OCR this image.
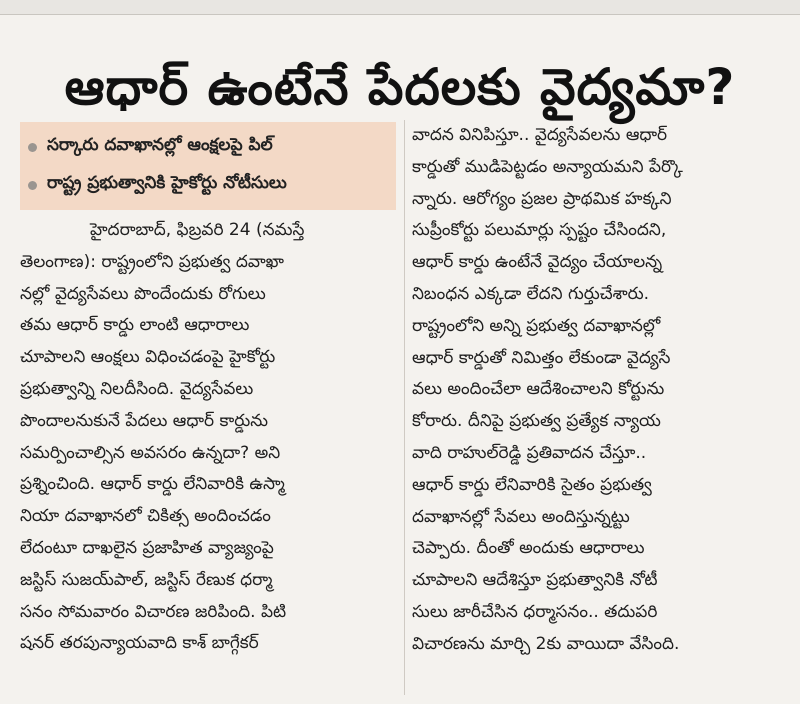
ఆధార్ ఉంటేనే పేదలకు వైద్యమా?
సర్కారు దవాఖానల్లో ఆంక్షలపై పిల్
రాష్ట్ర ప్రభుత్వానికి హైకోర్టు నోటీసులు
హైదరాబాద్, ఫిబ్రవరి 24 (నమస్తే
తెలంగాణ): రాష్ట్రంలోని ప్రభుత్వ దవాఖా
నల్లో వైద్యసేవలు పొందేందుకు రోగులు
తమ ఆధార్ కార్డు లాంటి ఆధారాలు
చూపాలని ఆంక్షలు విధించడంపై హైకోర్టు
ప్రభుత్వాన్ని నిలదీసింది. వైద్యసేవలు
పొందాలనుకునే పేదలు ఆధార్ కార్డును
సమర్పించాల్సిన అవసరం ఉన్నదా? అని
ప్రశ్నించింది. ఆధార్ కార్డు లేనివారికి ఉస్మా
నియా దవాఖానలో చికిత్స అందించడం
లేదంటూ దాఖలైన ప్రజాహిత వ్యాజ్యంపై
జస్టిస్ సుజయ్‌పాల్, జస్టిస్ రేణుక ధర్మా
సనం సోమవారం విచారణ జరిపింది. పిటి
షనర్ తరపున్యాయవాది కాశ్ బాగ్గేకర్
వాదన వినిపిస్తూ.. వైద్యసేవలను ఆధార్
కార్డుతో ముడిపెట్టడం అన్యాయమని పేర్కొ
న్నారు. ఆరోగ్యం ప్రజల ప్రాథమిక హక్కని
సుప్రీంకోర్టు పలుమార్లు స్పష్టం చేసిందని,
ఆధార్ కార్డు ఉంటేనే వైద్యం చేయాలన్న
నిబంధన ఎక్కడా లేదని గుర్తుచేశారు.
రాష్ట్రంలోని అన్ని ప్రభుత్వ దవాఖానల్లో
ఆధార్ కార్డుతో నిమిత్తం లేకుండా వైద్యసే
వలు అందించేలా ఆదేశించాలని కోర్టును
కోరారు. దీనిపై ప్రభుత్వ ప్రత్యేక న్యాయ
వాది రాహుల్‌రెడ్డి ప్రతివాదన చేస్తూ..
ఆధార్ కార్డు లేనివారికి సైతం ప్రభుత్వ
దవాఖానల్లో సేవలు అందిస్తున్నట్టు
చెప్పారు. దీంతో అందుకు ఆధారాలు
చూపాలని ఆదేశిస్తూ ప్రభుత్వానికి నోటీ
సులు జారీచేసిన ధర్మాసనం.. తదుపరి
విచారణను మార్చి 2కు వాయిదా వేసింది.
